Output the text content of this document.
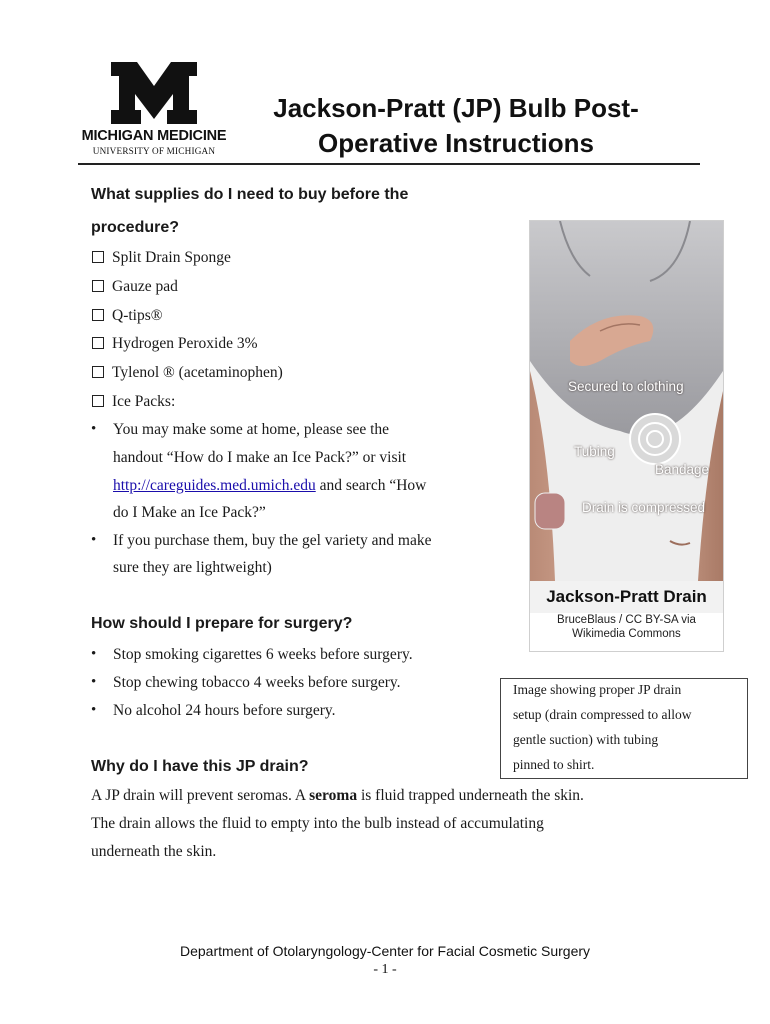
MICHIGAN MEDICINE
UNIVERSITY OF MICHIGAN
Jackson-Pratt (JP) Bulb Post-
Operative Instructions
What supplies do I need to buy before the
procedure?
Split Drain Sponge
Gauze pad
Q-tips®
Hydrogen Peroxide 3%
Tylenol ® (acetaminophen)
Ice Packs:
• You may make some at home, please see the
handout “How do I make an Ice Pack?” or visit
http://careguides.med.umich.edu and search “How
do I Make an Ice Pack?”
• If you purchase them, buy the gel variety and make
sure they are lightweight)
How should I prepare for surgery?
• Stop smoking cigarettes 6 weeks before surgery.
• Stop chewing tobacco 4 weeks before surgery.
• No alcohol 24 hours before surgery.
Why do I have this JP drain?
A JP drain will prevent seromas. A seroma is fluid trapped underneath the skin.
The drain allows the fluid to empty into the bulb instead of accumulating
underneath the skin.
Secured to clothing
Tubing
Bandage
Drain is compressed
Jackson-Pratt Drain
BruceBlaus / CC BY-SA via
Wikimedia Commons
Image showing proper JP drain
setup (drain compressed to allow
gentle suction) with tubing
pinned to shirt.
Department of Otolaryngology-Center for Facial Cosmetic Surgery
- 1 -
